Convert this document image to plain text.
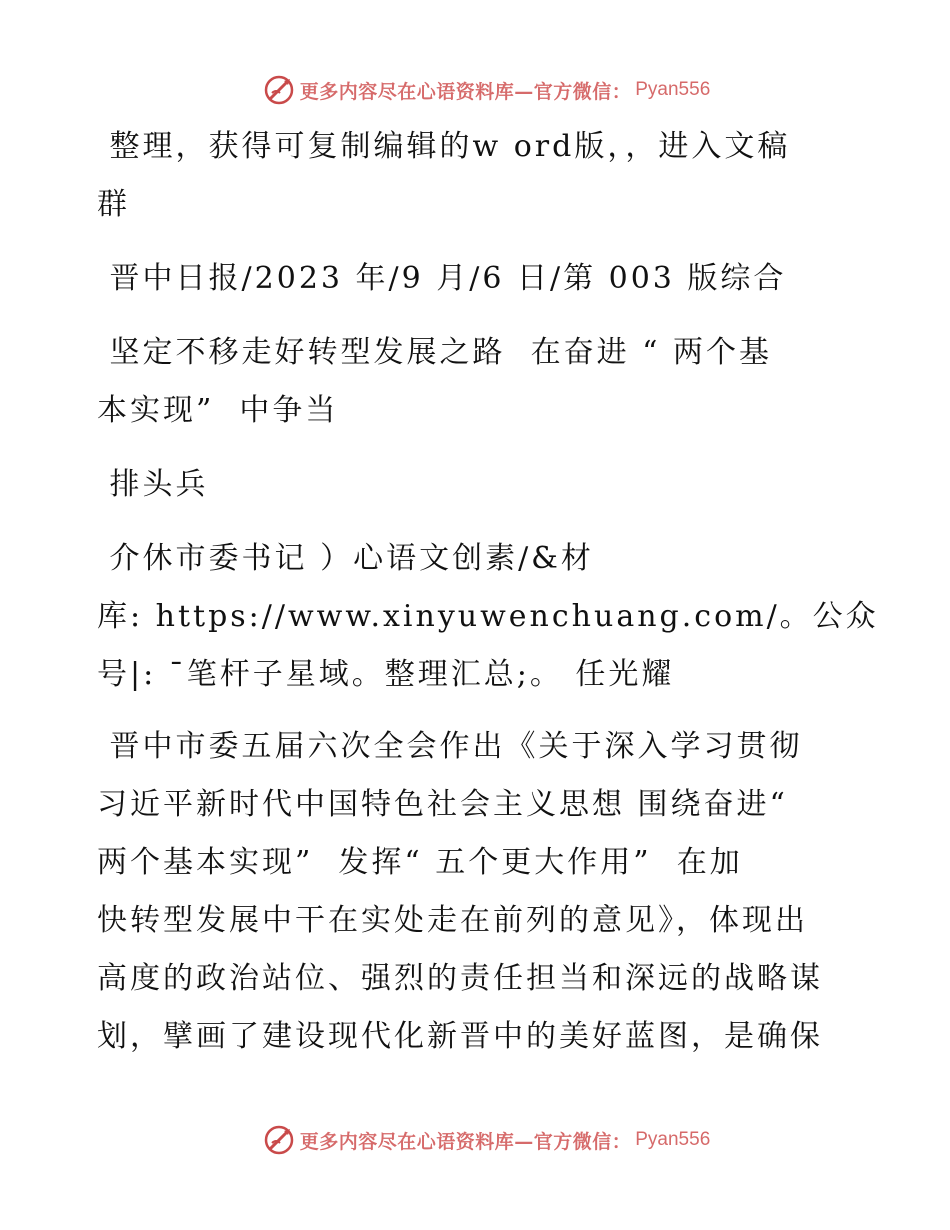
更多内容尽在心语资料库—官方微信： Pyan556
整理，获得可复制编辑的w ord版，，进入文稿
群
晋中日报/2023 年/9 月/6 日/第 003 版综合
坚定不移走好转型发展之路  在奋进 “ 两个基
本实现”  中争当
排头兵
介休市委书记 ）心语文创素/&材
库: https://www.xinyuwenchuang.com/。公众
号|: ¯笔杆子星域。整理汇总;。 任光耀
晋中市委五届六次全会作出《关于深入学习贯彻
习近平新时代中国特色社会主义思想 围绕奋进“
两个基本实现”  发挥“ 五个更大作用”  在加
快转型发展中干在实处走在前列的意见》，体现出
高度的政治站位、强烈的责任担当和深远的战略谋
划，擘画了建设现代化新晋中的美好蓝图，是确保
更多内容尽在心语资料库—官方微信： Pyan556
